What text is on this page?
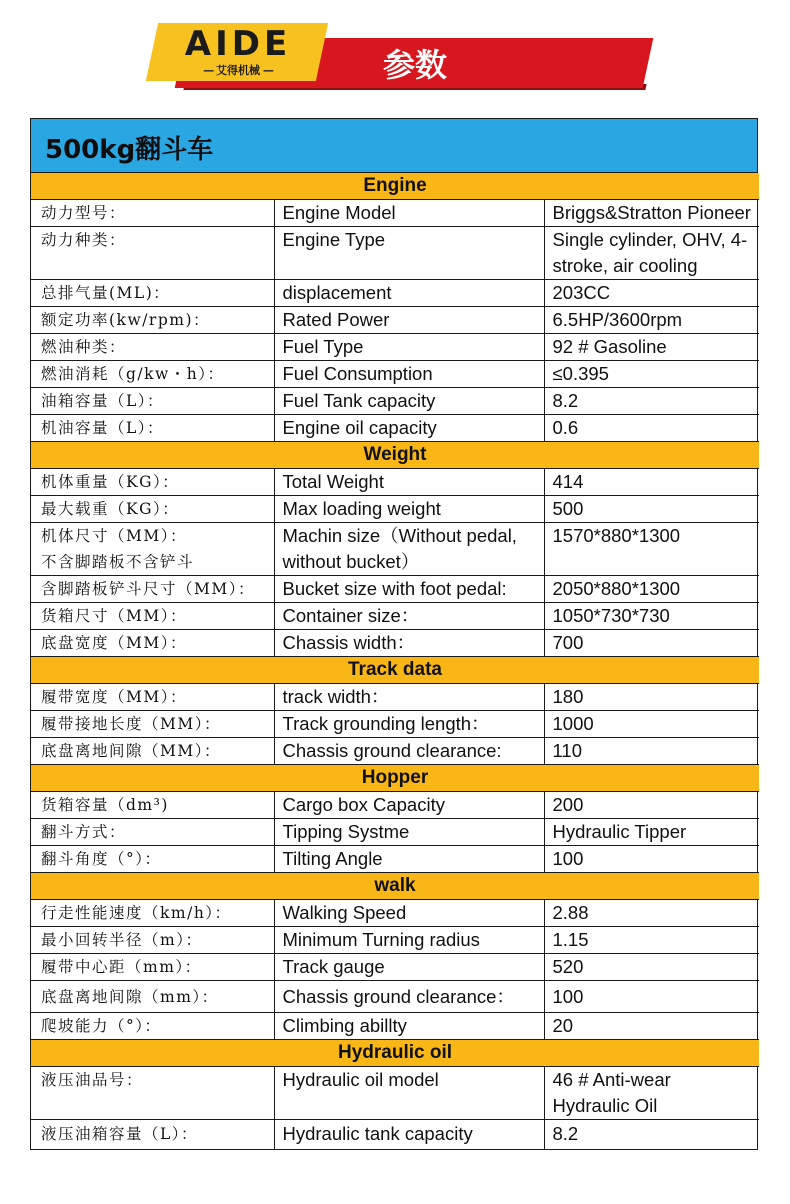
AIDE
— 艾得机械 —	参数
500kg翻斗车
Engine		
动力型号：	Engine Model	Briggs&Stratton Pioneer
动力种类：	Engine Type	Single cylinder, OHV, 4-stroke, air cooling
总排气量(ML)：	displacement	203CC
额定功率(kw/rpm)：	Rated Power	6.5HP/3600rpm
燃油种类：	Fuel Type	92 # Gasoline
燃油消耗（g/kw・h）：	Fuel Consumption	≤0.395
油箱容量（L）：	Fuel Tank capacity	8.2
机油容量（L）：	Engine oil capacity	0.6
Weight		
机体重量（KG）：	Total Weight	414
最大载重（KG）：	Max loading weight	500
机体尺寸（MM）：
不含脚踏板不含铲斗	Machin size（Without pedal, without bucket）	1570*880*1300
含脚踏板铲斗尺寸（MM）：	Bucket size with foot pedal:	2050*880*1300
货箱尺寸（MM）：	Container size：	1050*730*730
底盘宽度（MM）：	Chassis width：	700
Track data		
履带宽度（MM）：	track width：	180
履带接地长度（MM）：	Track grounding length：	1000
底盘离地间隙（MM）：	Chassis ground clearance:	110
Hopper		
货箱容量（dm³)	Cargo box Capacity	200
翻斗方式：	Tipping Systme	Hydraulic Tipper
翻斗角度（°）：	Tilting Angle	100
walk		
行走性能速度（km/h）：	Walking Speed	2.88
最小回转半径（m）：	Minimum Turning radius	1.15
履带中心距（mm）：	Track gauge	520
底盘离地间隙（mm）：	Chassis ground clearance：	100
爬坡能力（°）：	Climbing abillty	20
Hydraulic oil		
液压油品号：	Hydraulic oil model	46 # Anti-wear Hydraulic Oil
液压油箱容量（L）：	Hydraulic tank capacity	8.2
